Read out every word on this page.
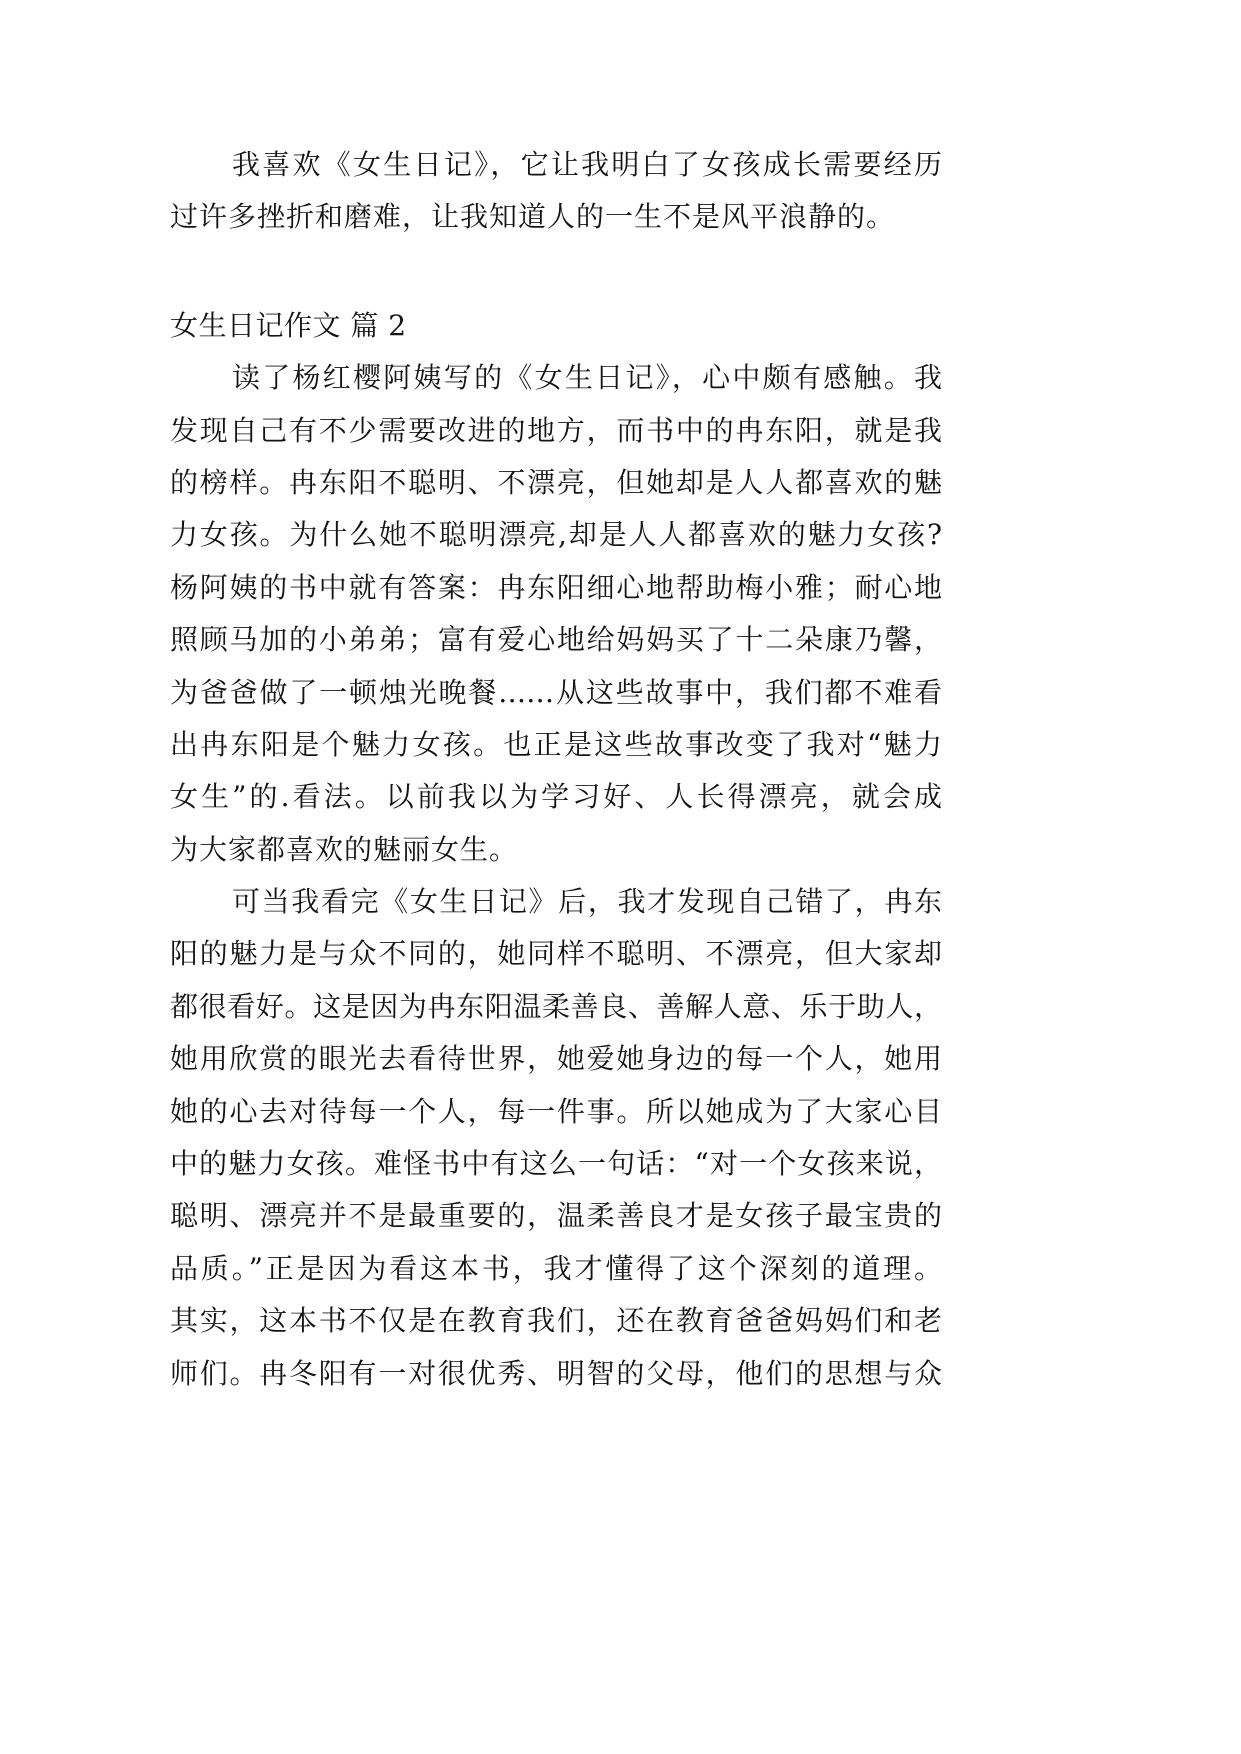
我喜欢《女生日记》，它让我明白了女孩成长需要经历
过许多挫折和磨难，让我知道人的一生不是风平浪静的。
女生日记作文 篇 2
读了杨红樱阿姨写的《女生日记》，心中颇有感触。我
发现自己有不少需要改进的地方，而书中的冉东阳，就是我
的榜样。冉东阳不聪明、不漂亮，但她却是人人都喜欢的魅
力女孩。为什么她不聪明漂亮,却是人人都喜欢的魅力女孩?
杨阿姨的书中就有答案：冉东阳细心地帮助梅小雅；耐心地
照顾马加的小弟弟；富有爱心地给妈妈买了十二朵康乃馨，
为爸爸做了一顿烛光晚餐……从这些故事中，我们都不难看
出冉东阳是个魅力女孩。也正是这些故事改变了我对“魅力
女生”的.看法。以前我以为学习好、人长得漂亮，就会成
为大家都喜欢的魅丽女生。
可当我看完《女生日记》后，我才发现自己错了，冉东
阳的魅力是与众不同的，她同样不聪明、不漂亮，但大家却
都很看好。这是因为冉东阳温柔善良、善解人意、乐于助人，
她用欣赏的眼光去看待世界，她爱她身边的每一个人，她用
她的心去对待每一个人，每一件事。所以她成为了大家心目
中的魅力女孩。难怪书中有这么一句话：“对一个女孩来说，
聪明、漂亮并不是最重要的，温柔善良才是女孩子最宝贵的
品质。”正是因为看这本书，我才懂得了这个深刻的道理。
其实，这本书不仅是在教育我们，还在教育爸爸妈妈们和老
师们。冉冬阳有一对很优秀、明智的父母，他们的思想与众
